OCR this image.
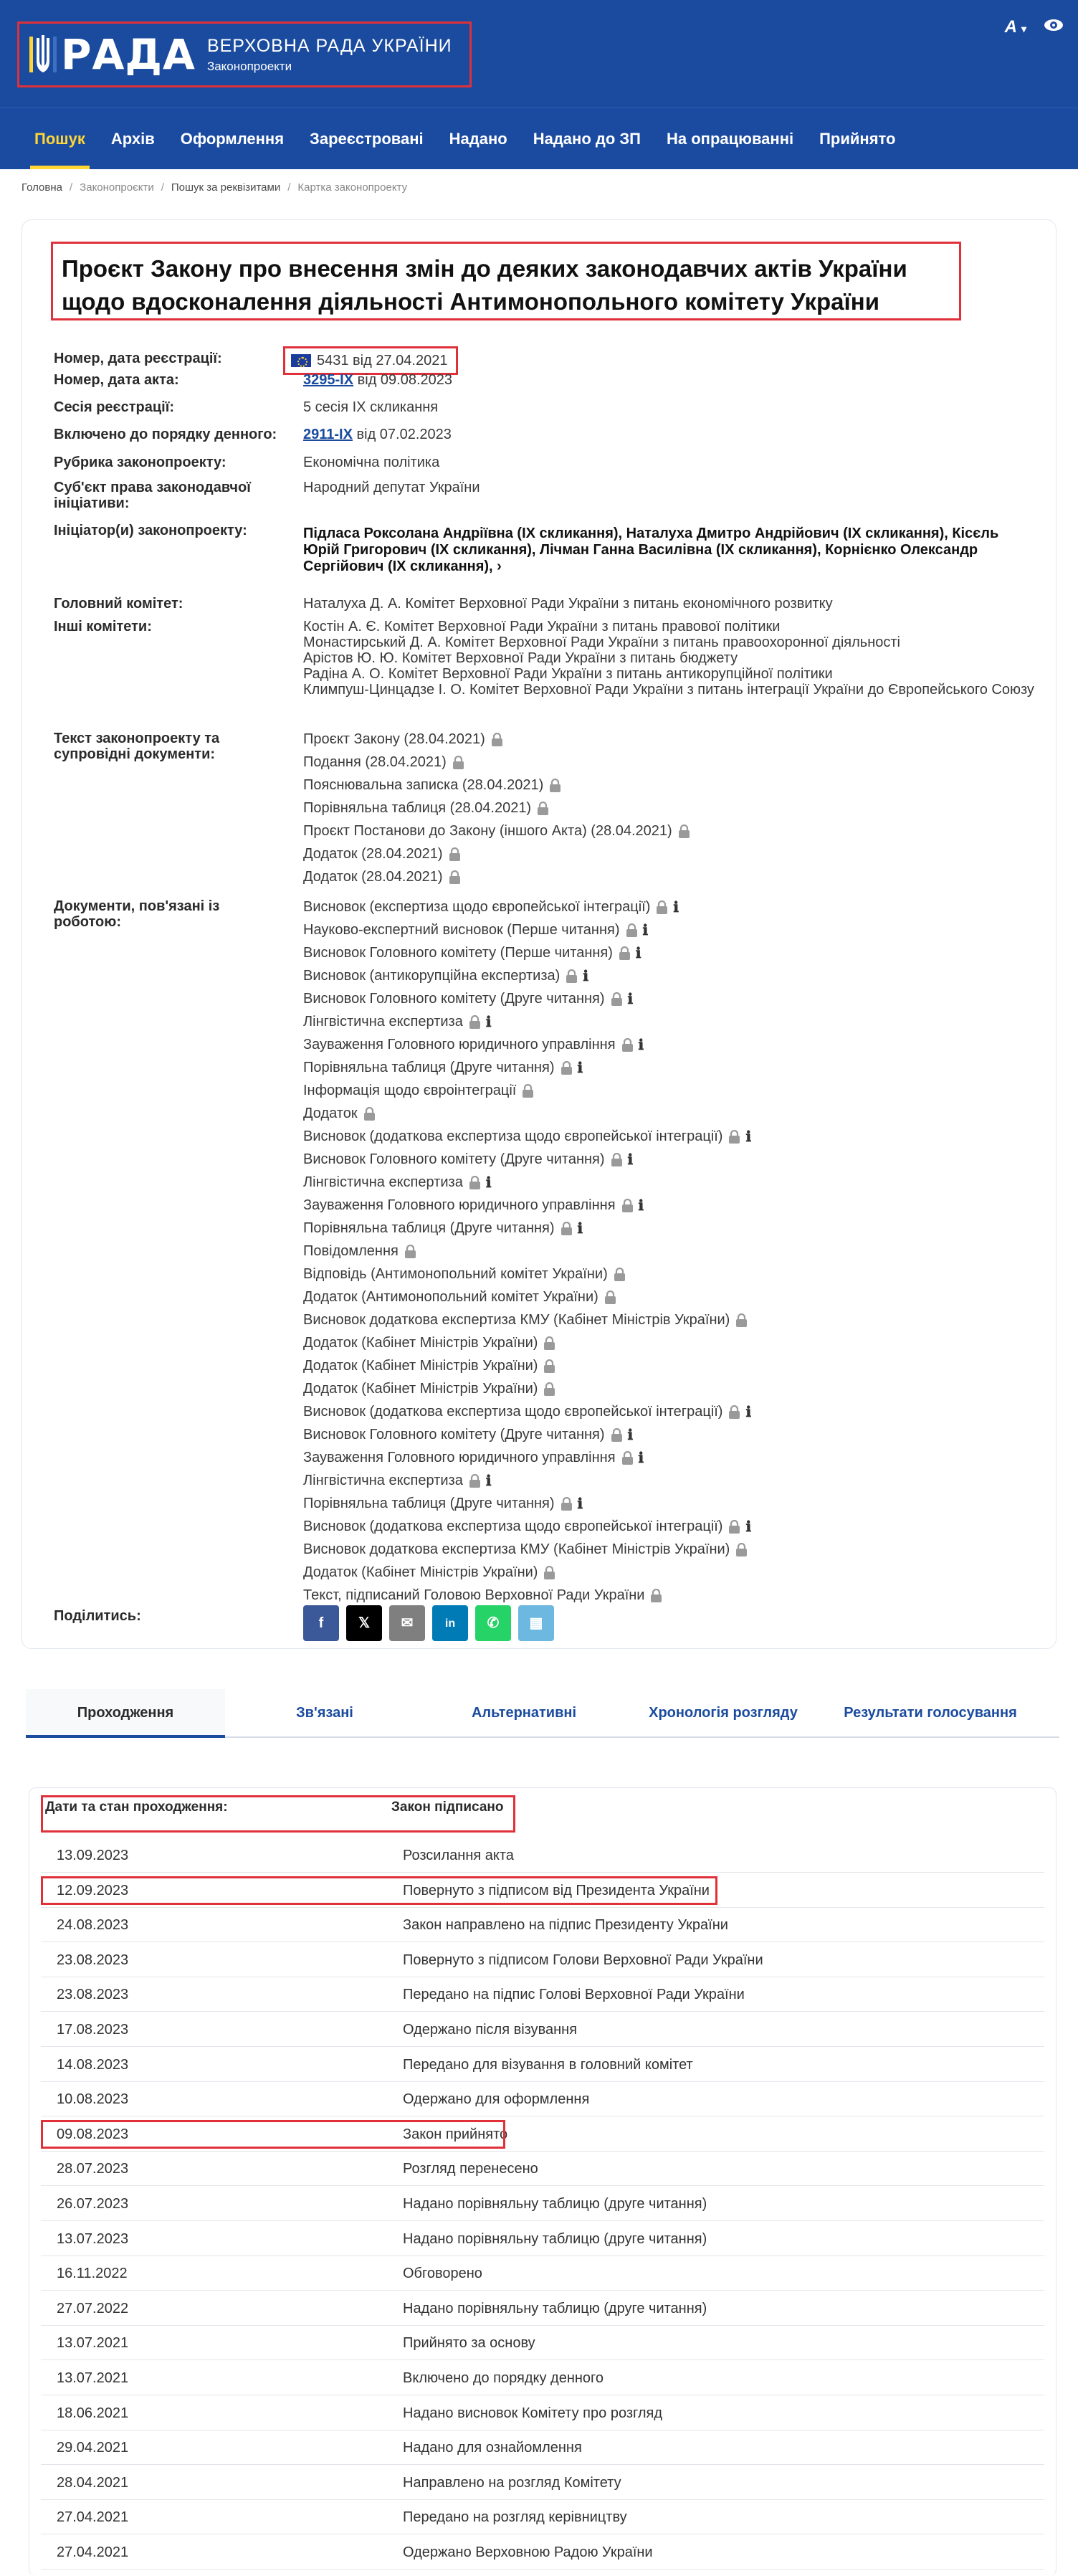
РАДА ВЕРХОВНА РАДА УКРАЇНИ
Законопроекти
A ▾
Пошук	Архів	Оформлення	Зареєстровані	Надано	Надано до ЗП	На опрацюванні	Прийнято
Головна / Законопроєкти / Пошук за реквізитами / Картка законопроекту
Проєкт Закону про внесення змін до деяких законодавчих актів України щодо вдосконалення діяльності Антимонопольного комітету України
Номер, дата реєстрації:	5431 від 27.04.2021
Номер, дата акта:	3295-IX від 09.08.2023
Сесія реєстрації:	5 сесія IX скликання
Включено до порядку денного:	2911-IX від 07.02.2023
Рубрика законопроекту:	Економічна політика
Суб'єкт права законодавчої ініціативи:
Народний депутат України
Ініціатор(и) законопроекту:	Підласа Роксолана Андріївна (IX скликання), Наталуха Дмитро Андрійович (IX скликання), Кісєль Юрій Григорович (IX скликання), Лічман Ганна Василівна (IX скликання), Корнієнко Олександр Сергійович (IX скликання), ›
Головний комітет:	Наталуха Д. А. Комітет Верховної Ради України з питань економічного розвитку
Інші комітети:	Костін А. Є. Комітет Верховної Ради України з питань правової політики
Монастирський Д. А. Комітет Верховної Ради України з питань правоохоронної діяльності
Арістов Ю. Ю. Комітет Верховної Ради України з питань бюджету
Радіна А. О. Комітет Верховної Ради України з питань антикорупційної політики
Климпуш-Цинцадзе І. О. Комітет Верховної Ради України з питань інтеграції України до Європейського Союзу
Текст законопроекту та супровідні документи:
Проєкт Закону (28.04.2021)
Подання (28.04.2021)
Пояснювальна записка (28.04.2021)
Порівняльна таблиця (28.04.2021)
Проєкт Постанови до Закону (іншого Акта) (28.04.2021)
Додаток (28.04.2021)
Додаток (28.04.2021)
Документи, пов'язані із роботою:
Висновок (експертиза щодо європейської інтеграції) ℹ
Науково-експертний висновок (Перше читання) ℹ
Висновок Головного комітету (Перше читання) ℹ
Висновок (антикорупційна експертиза) ℹ
Висновок Головного комітету (Друге читання) ℹ
Лінгвістична експертиза ℹ
Зауваження Головного юридичного управління ℹ
Порівняльна таблиця (Друге читання) ℹ
Інформація щодо євроінтеграції
Додаток
Висновок (додаткова експертиза щодо європейської інтеграції) ℹ
Висновок Головного комітету (Друге читання) ℹ
Лінгвістична експертиза ℹ
Зауваження Головного юридичного управління ℹ
Порівняльна таблиця (Друге читання) ℹ
Повідомлення
Відповідь (Антимонопольний комітет України)
Додаток (Антимонопольний комітет України)
Висновок додаткова експертиза КМУ (Кабінет Міністрів України)
Додаток (Кабінет Міністрів України)
Додаток (Кабінет Міністрів України)
Додаток (Кабінет Міністрів України)
Висновок (додаткова експертиза щодо європейської інтеграції) ℹ
Висновок Головного комітету (Друге читання) ℹ
Зауваження Головного юридичного управління ℹ
Лінгвістична експертиза ℹ
Порівняльна таблиця (Друге читання) ℹ
Висновок (додаткова експертиза щодо європейської інтеграції) ℹ
Висновок додаткова експертиза КМУ (Кабінет Міністрів України)
Додаток (Кабінет Міністрів України)
Текст, підписаний Головою Верховної Ради України
Поділитись:	f	𝕏	✉	in	✆	▦
Проходження	Зв'язані	Альтернативні	Хронологія розгляду	Результати голосування
Дати та стан проходження:	Закон підписано
13.09.2023	Розсилання акта
12.09.2023	Повернуто з підписом від Президента України
24.08.2023	Закон направлено на підпис Президенту України
23.08.2023	Повернуто з підписом Голови Верховної Ради України
23.08.2023	Передано на підпис Голові Верховної Ради України
17.08.2023	Одержано після візування
14.08.2023	Передано для візування в головний комітет
10.08.2023	Одержано для оформлення
09.08.2023	Закон прийнято
28.07.2023	Розгляд перенесено
26.07.2023	Надано порівняльну таблицю (друге читання)
13.07.2023	Надано порівняльну таблицю (друге читання)
16.11.2022	Обговорено
27.07.2022	Надано порівняльну таблицю (друге читання)
13.07.2021	Прийнято за основу
13.07.2021	Включено до порядку денного
18.06.2021	Надано висновок Комітету про розгляд
29.04.2021	Надано для ознайомлення
28.04.2021	Направлено на розгляд Комітету
27.04.2021	Передано на розгляд керівництву
27.04.2021	Одержано Верховною Радою України
